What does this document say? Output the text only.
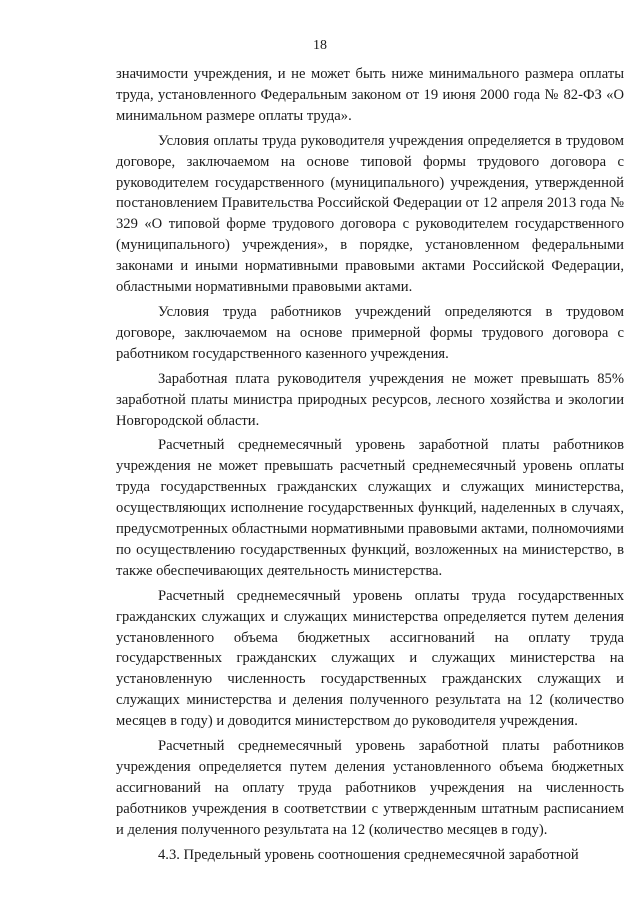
18

значимости учреждения, и не может быть ниже минимального размера оплаты труда, установленного Федеральным законом от 19 июня 2000 года № 82-ФЗ «О минимальном размере оплаты труда».

Условия оплаты труда руководителя учреждения определяется в трудовом договоре, заключаемом на основе типовой формы трудового договора с руководителем государственного (муниципального) учреждения, утвержденной постановлением Правительства Российской Федерации от 12 апреля 2013 года № 329 «О типовой форме трудового договора с руководителем государственного (муниципального) учреждения», в порядке, установленном федеральными законами и иными нормативными правовыми актами Российской Федерации, областными нормативными правовыми актами.

Условия труда работников учреждений определяются в трудовом договоре, заключаемом на основе примерной формы трудового договора с работником государственного казенного учреждения.

Заработная плата руководителя учреждения не может превышать 85% заработной платы министра природных ресурсов, лесного хозяйства и экологии Новгородской области.

Расчетный среднемесячный уровень заработной платы работников учреждения не может превышать расчетный среднемесячный уровень оплаты труда государственных гражданских служащих и служащих министерства, осуществляющих исполнение государственных функций, наделенных в случаях, предусмотренных областными нормативными правовыми актами, полномочиями по осуществлению государственных функций, возложенных на министерство, в также обеспечивающих деятельность министерства.

Расчетный среднемесячный уровень оплаты труда государственных гражданских служащих и служащих министерства определяется путем деления установленного объема бюджетных ассигнований на оплату труда государственных гражданских служащих и служащих министерства на установленную численность государственных гражданских служащих и служащих министерства и деления полученного результата на 12 (количество месяцев в году) и доводится министерством до руководителя учреждения.

Расчетный среднемесячный уровень заработной платы работников учреждения определяется путем деления установленного объема бюджетных ассигнований на оплату труда работников учреждения на численность работников учреждения в соответствии с утвержденным штатным расписанием и деления полученного результата на 12 (количество месяцев в году).

4.3. Предельный уровень соотношения среднемесячной заработной
